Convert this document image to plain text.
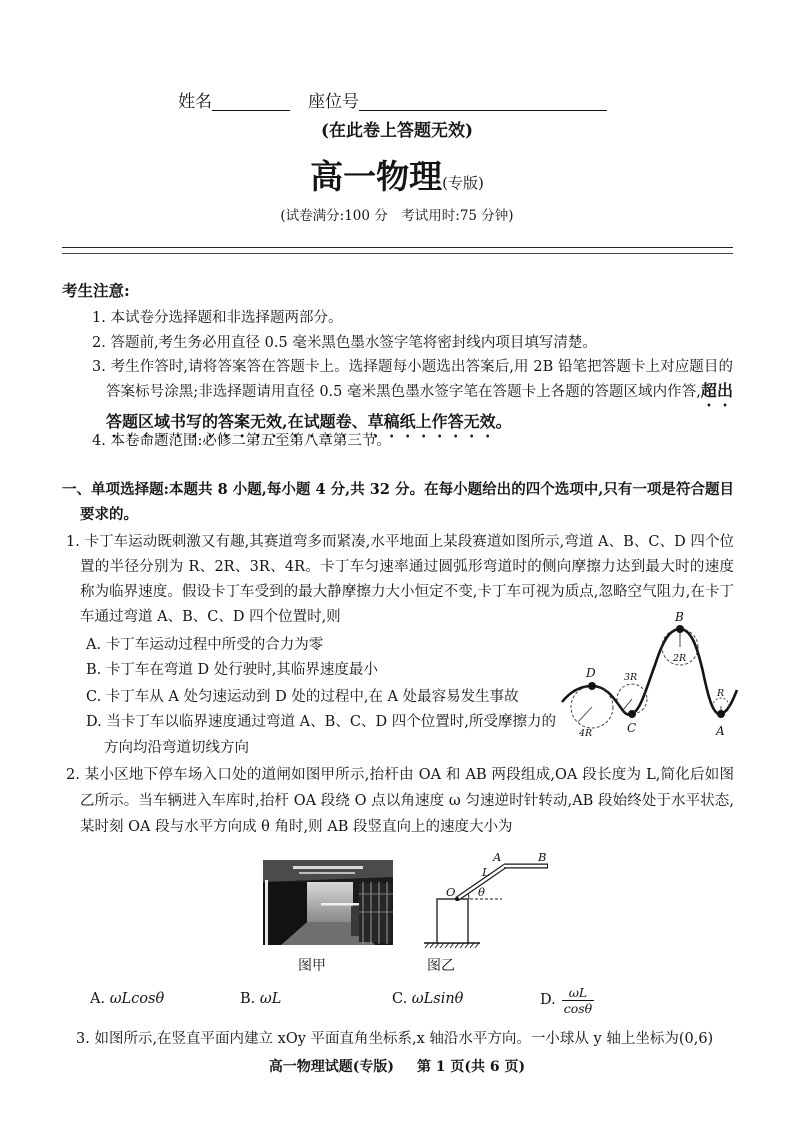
姓名	座位号
(在此卷上答题无效)
高一物理(专版)
(试卷满分:100 分　考试用时:75 分钟)
考生注意:
1. 本试卷分选择题和非选择题两部分。
2. 答题前,考生务必用直径 0.5 毫米黑色墨水签字笔将密封线内项目填写清楚。
3. 考生作答时,请将答案答在答题卡上。选择题每小题选出答案后,用 2B 铅笔把答题卡上对应题目的答案标号涂黑;非选择题请用直径 0.5 毫米黑色墨水签字笔在答题卡上各题的答题区域内作答,超出答题区域书写的答案无效,在试题卷、草稿纸上作答无效。
4. 本卷命题范围:必修二第五至第八章第三节。
一、单项选择题:本题共 8 小题,每小题 4 分,共 32 分。在每小题给出的四个选项中,只有一项是符合题目要求的。
1. 卡丁车运动既刺激又有趣,其赛道弯多而紧凑,水平地面上某段赛道如图所示,弯道 A、B、C、D 四个位置的半径分别为 R、2R、3R、4R。卡丁车匀速率通过圆弧形弯道时的侧向摩擦力达到最大时的速度称为临界速度。假设卡丁车受到的最大静摩擦力大小恒定不变,卡丁车可视为质点,忽略空气阻力,在卡丁车通过弯道 A、B、C、D 四个位置时,则
A. 卡丁车运动过程中所受的合力为零
B. 卡丁车在弯道 D 处行驶时,其临界速度最小
C. 卡丁车从 A 处匀速运动到 D 处的过程中,在 A 处最容易发生事故
D. 当卡丁车以临界速度通过弯道 A、B、C、D 四个位置时,所受摩擦力的方向均沿弯道切线方向
D
C
B
A
4R
3R
2R
R
2. 某小区地下停车场入口处的道闸如图甲所示,抬杆由 OA 和 AB 两段组成,OA 段长度为 L,简化后如图乙所示。当车辆进入车库时,抬杆 OA 段绕 O 点以角速度 ω 匀速逆时针转动,AB 段始终处于水平状态,某时刻 OA 段与水平方向成 θ 角时,则 AB 段竖直向上的速度大小为
O
A	B
L
θ
图甲	图乙
A. ωLcosθ	B. ωL	C. ωLsinθ	D. $\frac{\omega L}{\cos\theta}$
3. 如图所示,在竖直平面内建立 xOy 平面直角坐标系,x 轴沿水平方向。一小球从 y 轴上坐标为(0,6)
高一物理试题(专版) 第 1 页(共 6 页)
